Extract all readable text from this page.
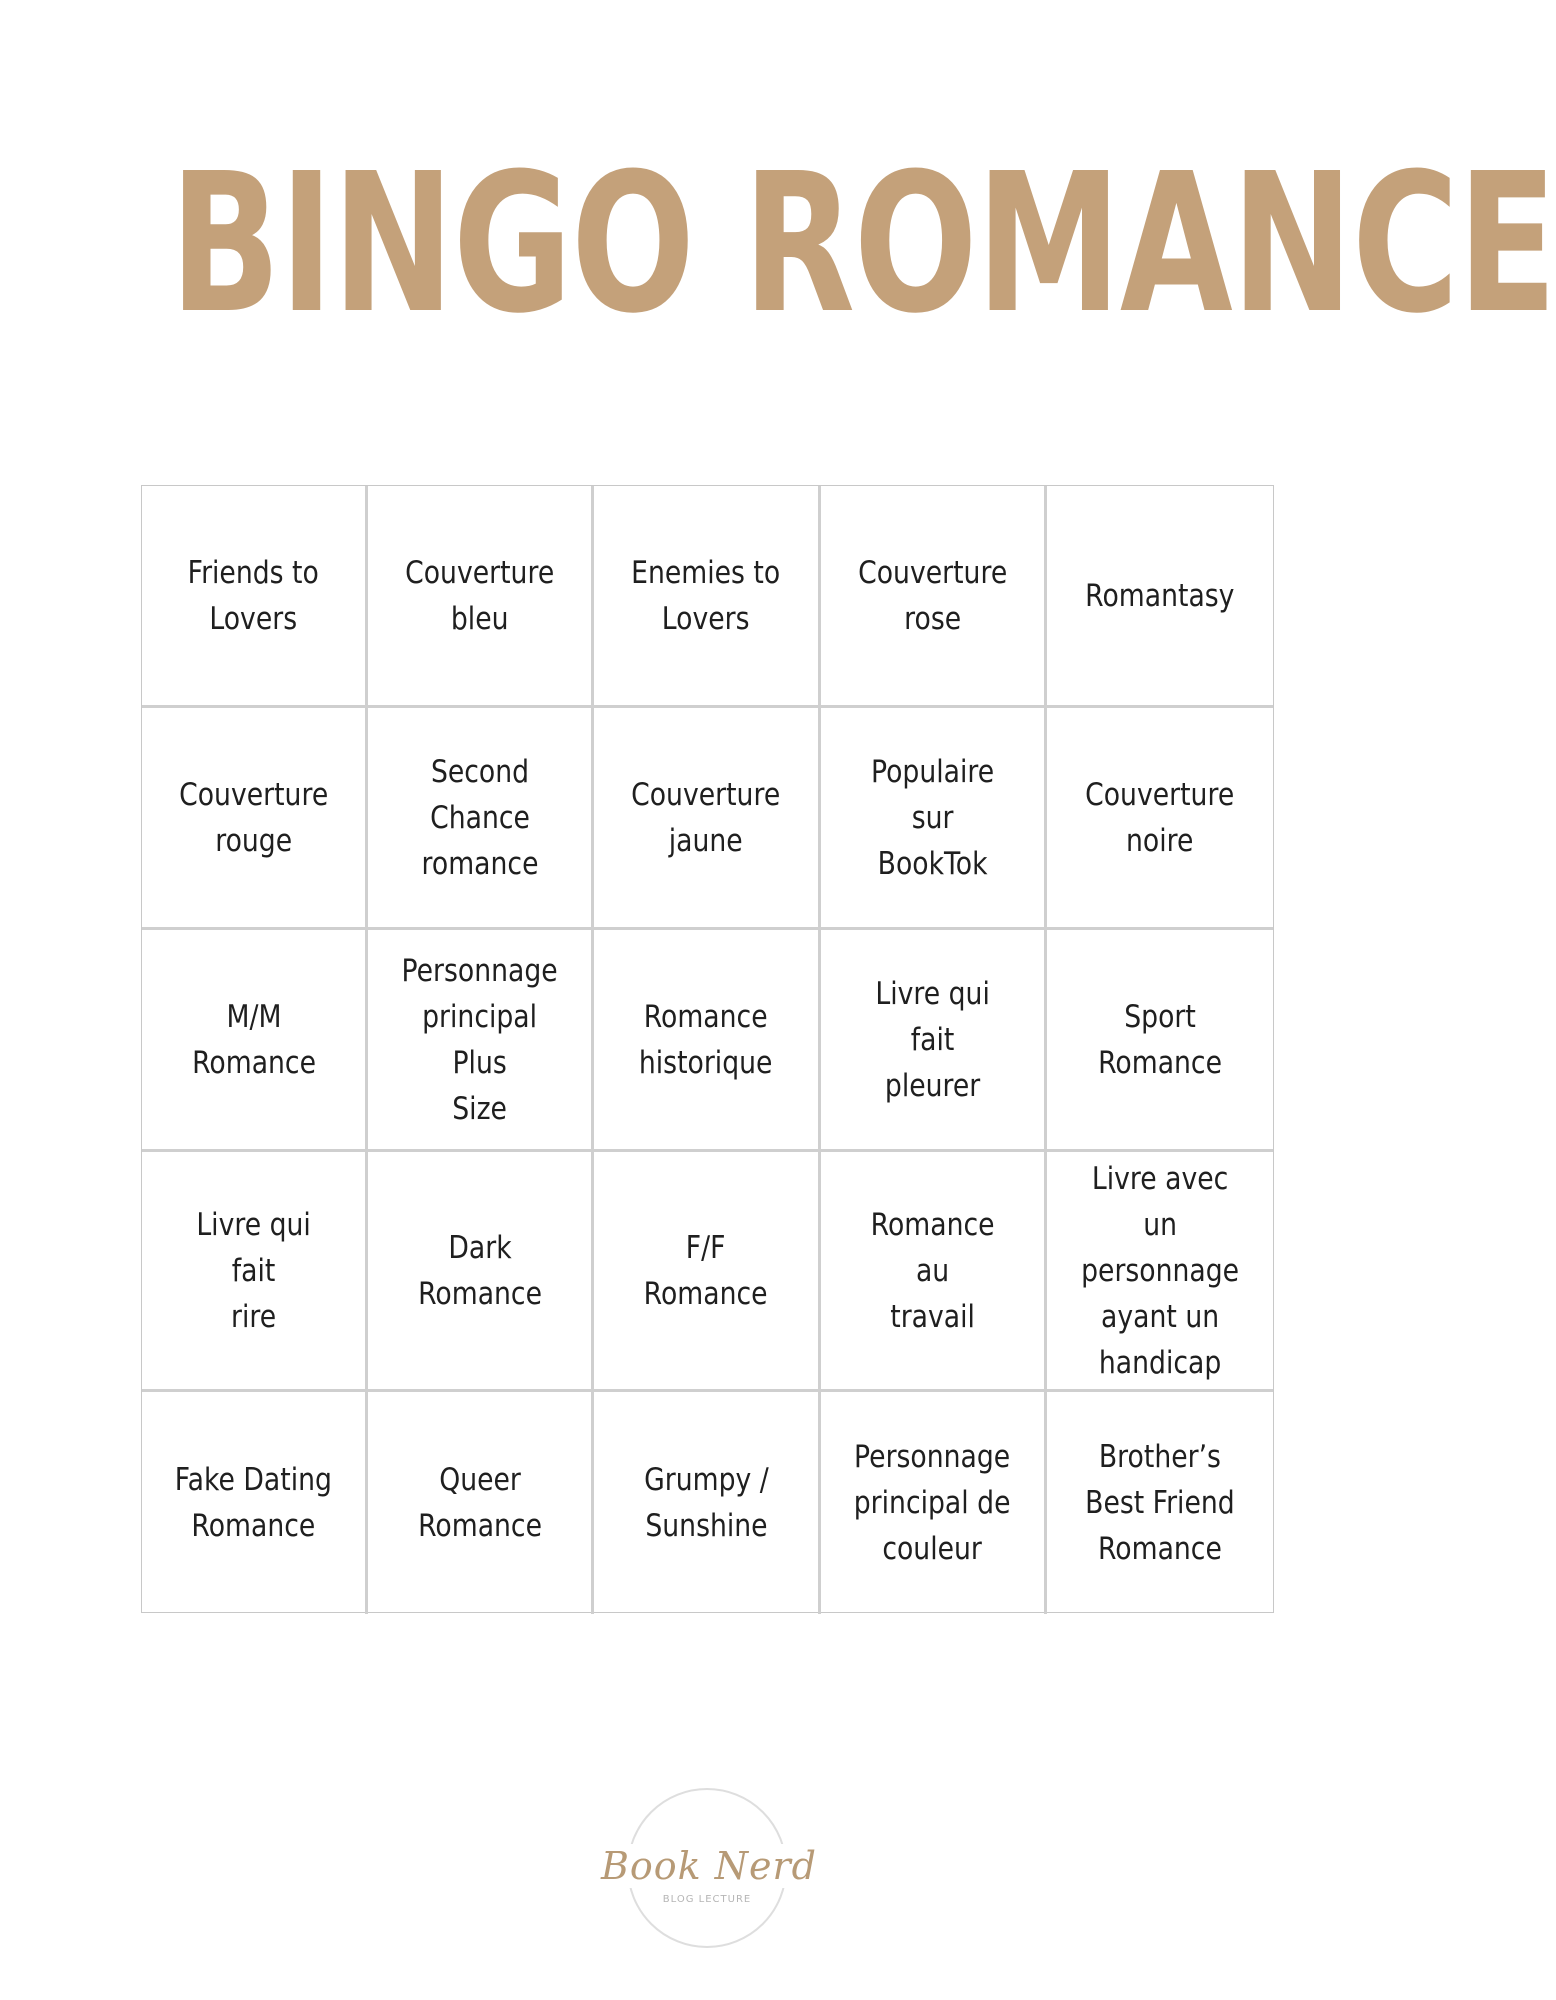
BINGO ROMANCE
Friends to
Lovers
Couverture
bleu
Enemies to
Lovers
Couverture
rose
Romantasy
Couverture
rouge
Second
Chance
romance
Couverture
jaune
Populaire sur
BookTok
Couverture
noire
M/M
Romance
Personnage
principal Plus
Size
Romance
historique
Livre qui fait
pleurer
Sport
Romance
Livre qui fait
rire
Dark
Romance
F/F Romance
Romance au
travail
Livre avec un
personnage
ayant un
handicap
Fake Dating
Romance
Queer
Romance
Grumpy /
Sunshine
Personnage
principal de
couleur
Brother’s
Best Friend
Romance
Book Nerd
BLOG LECTURE
